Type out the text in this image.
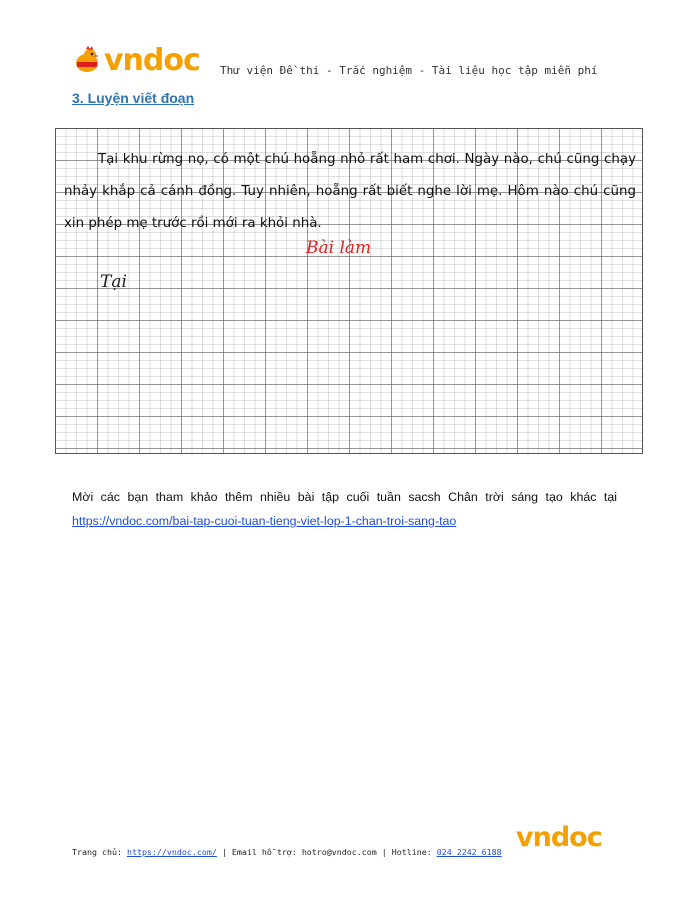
vndoc Thư viện Đề thi - Trắc nghiệm - Tài liệu học tập miễn phí
3. Luyện viết đoạn

Tại khu rừng nọ, có một chú hoẵng nhỏ rất ham chơi. Ngày nào, chú cũng chạy nhảy khắp cả cánh đồng. Tuy nhiên, hoẵng rất biết nghe lời mẹ. Hôm nào chú cũng xin phép mẹ trước rồi mới ra khỏi nhà.

Bài làm
Tại

Mời các bạn tham khảo thêm nhiều bài tập cuối tuần sacsh Chân trời sáng tạo khác tại

https://vndoc.com/bai-tap-cuoi-tuan-tieng-viet-lop-1-chan-troi-sang-tao
Trang chủ: https://vndoc.com/ | Email hỗ trợ: hotro@vndoc.com | Hotline: 024 2242 6188 vndoc
